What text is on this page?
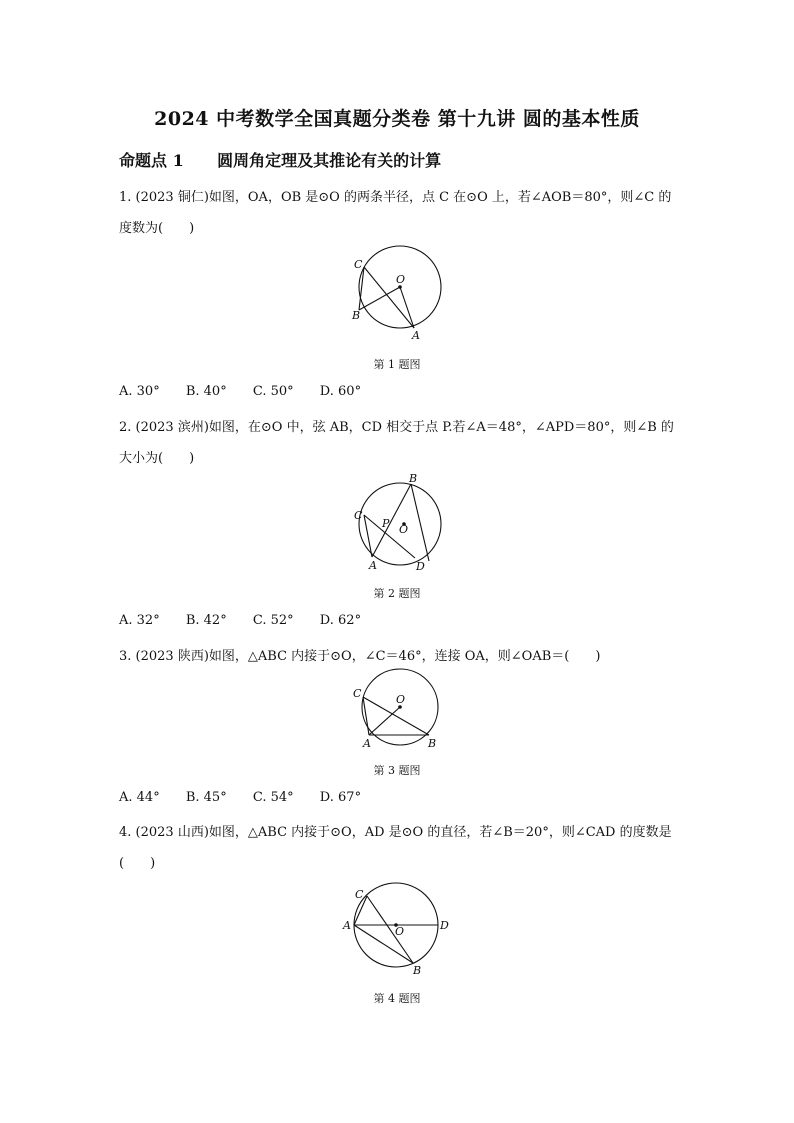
2024 中考数学全国真题分类卷 第十九讲 圆的基本性质
命题点 1      圆周角定理及其推论有关的计算
1. (2023 铜仁)如图，OA，OB 是⊙O 的两条半径，点 C 在⊙O 上，若∠AOB＝80°，则∠C 的
度数为(　　)
C
O
B
A
第 1 题图
A. 30° B. 40° C. 50° D. 60°
2. (2023 滨州)如图，在⊙O 中，弦 AB，CD 相交于点 P.若∠A＝48°，∠APD＝80°，则∠B 的
大小为(　　)
B
C
P O
A	D
第 2 题图
A. 32° B. 42° C. 52° D. 62°
3. (2023 陕西)如图，△ABC 内接于⊙O，∠C＝46°，连接 OA，则∠OAB＝(　　)
C	O
A	B
第 3 题图
A. 44° B. 45° C. 54° D. 67°
4. (2023 山西)如图，△ABC 内接于⊙O，AD 是⊙O 的直径，若∠B＝20°，则∠CAD 的度数是
(　　)
C
A	O	D
B
第 4 题图
